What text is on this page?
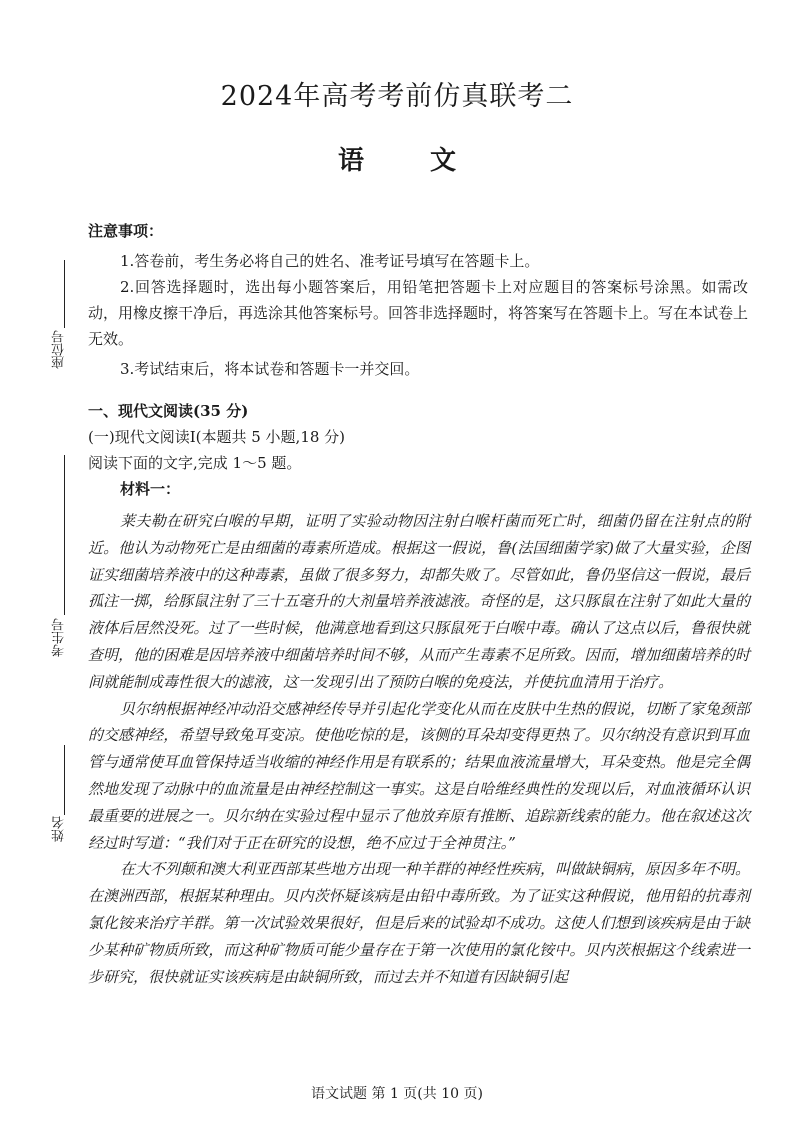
2024年高考考前仿真联考二
语	文
座位号
考生号
姓名

注意事项：

1.答卷前，考生务必将自己的姓名、准考证号填写在答题卡上。

2.回答选择题时，选出每小题答案后，用铅笔把答题卡上对应题目的答案标号涂黑。如需改动，用橡皮擦干净后，再选涂其他答案标号。回答非选择题时，将答案写在答题卡上。写在本试卷上无效。

3.考试结束后，将本试卷和答题卡一并交回。

一、现代文阅读(35 分)

(一)现代文阅读Ⅰ(本题共 5 小题,18 分)

阅读下面的文字,完成 1～5 题。

材料一：

莱夫勒在研究白喉的早期，证明了实验动物因注射白喉杆菌而死亡时，细菌仍留在注射点的附近。他认为动物死亡是由细菌的毒素所造成。根据这一假说，鲁(法国细菌学家)做了大量实验，企图证实细菌培养液中的这种毒素，虽做了很多努力，却都失败了。尽管如此，鲁仍坚信这一假说，最后孤注一掷，给豚鼠注射了三十五毫升的大剂量培养液滤液。奇怪的是，这只豚鼠在注射了如此大量的液体后居然没死。过了一些时候，他满意地看到这只豚鼠死于白喉中毒。确认了这点以后，鲁很快就查明，他的困难是因培养液中细菌培养时间不够，从而产生毒素不足所致。因而，增加细菌培养的时间就能制成毒性很大的滤液，这一发现引出了预防白喉的免疫法，并使抗血清用于治疗。

贝尔纳根据神经冲动沿交感神经传导并引起化学变化从而在皮肤中生热的假说，切断了家兔颈部的交感神经，希望导致兔耳变凉。使他吃惊的是，该侧的耳朵却变得更热了。贝尔纳没有意识到耳血管与通常使耳血管保持适当收缩的神经作用是有联系的；结果血液流量增大，耳朵变热。他是完全偶然地发现了动脉中的血流量是由神经控制这一事实。这是自哈维经典性的发现以后，对血液循环认识最重要的进展之一。贝尔纳在实验过程中显示了他放弃原有推断、追踪新线索的能力。他在叙述这次经过时写道：“我们对于正在研究的设想，绝不应过于全神贯注。”

在大不列颠和澳大利亚西部某些地方出现一种羊群的神经性疾病，叫做缺铜病，原因多年不明。在澳洲西部，根据某种理由。贝内茨怀疑该病是由铅中毒所致。为了证实这种假说，他用铅的抗毒剂氯化铵来治疗羊群。第一次试验效果很好，但是后来的试验却不成功。这使人们想到该疾病是由于缺少某种矿物质所致，而这种矿物质可能少量存在于第一次使用的氯化铵中。贝内茨根据这个线索进一步研究，很快就证实该疾病是由缺铜所致，而过去并不知道有因缺铜引起

语文试题 第 1 页(共 10 页)
